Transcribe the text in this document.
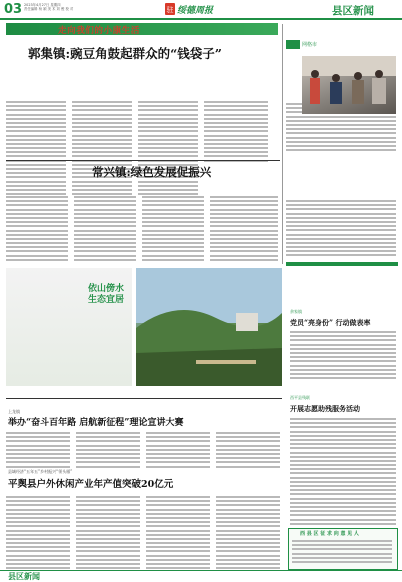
03 2023年4月27日 星期四
责任编辑 杨 颖 美 术 刘 俊 校 对	驻 绥德周报	县区新闻
走向我们的小康生活
郭集镇:豌豆角鼓起群众的“钱袋子”
常兴镇:绿色发展促振兴
网格市
依山傍水 生态宜居
余家镇
党员“亮身份” 行动做表率
西平县残联
开展志愿助残服务活动
上龙镇
举办“奋斗百年路 启航新征程”理论宣讲大赛
县域经济“五年五”乡村振兴“领头雁”
平舆县户外休闲产业年产值突破20亿元
西 县 区 征 求 向 意 见 人
县区新闻
